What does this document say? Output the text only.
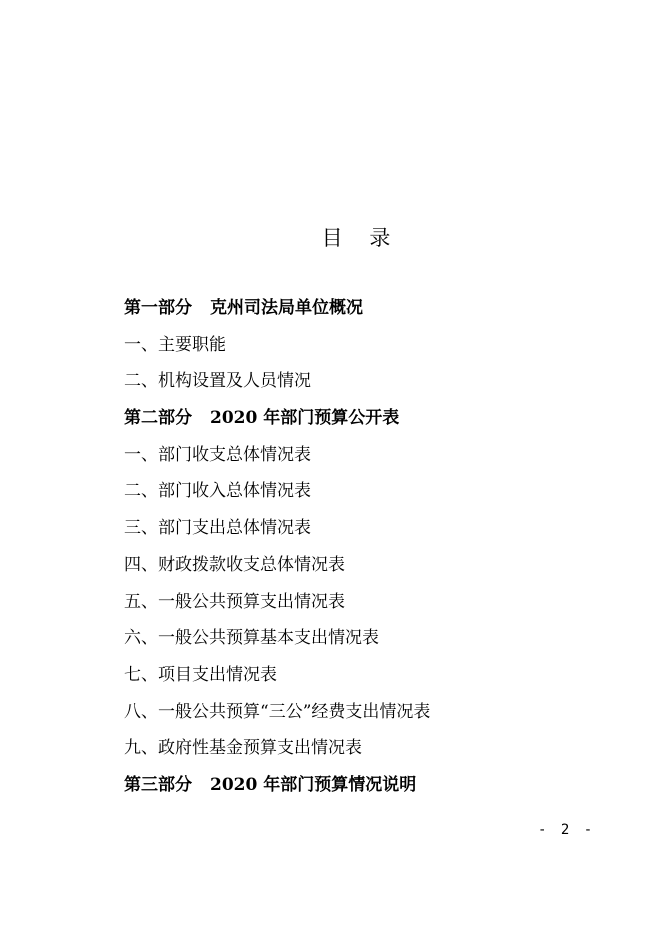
目 录
第一部分 克州司法局单位概况
一、主要职能
二、机构设置及人员情况
第二部分 2020 年部门预算公开表
一、部门收支总体情况表
二、部门收入总体情况表
三、部门支出总体情况表
四、财政拨款收支总体情况表
五、一般公共预算支出情况表
六、一般公共预算基本支出情况表
七、项目支出情况表
八、一般公共预算“三公”经费支出情况表
九、政府性基金预算支出情况表
第三部分 2020 年部门预算情况说明
- 2 -
